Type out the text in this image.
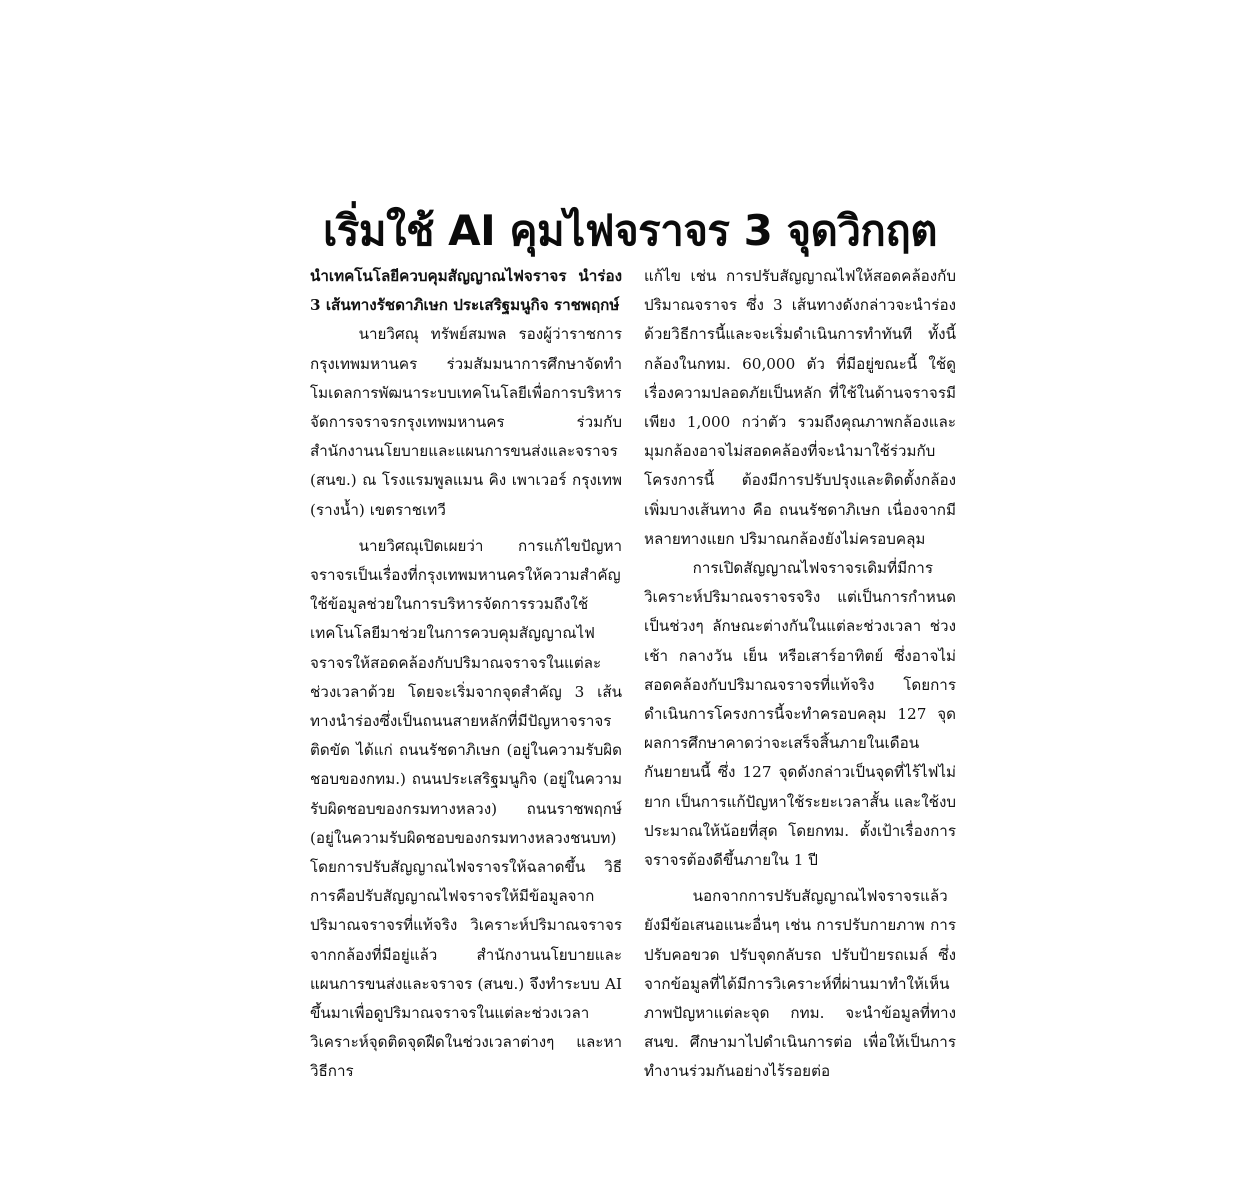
เริ่มใช้ AI คุมไฟจราจร 3 จุดวิกฤต

นำเทคโนโลยีควบคุมสัญญาณไฟจราจร นำร่อง 3 เส้นทางรัชดาภิเษก ประเสริฐมนูกิจ ราชพฤกษ์

นายวิศณุ ทรัพย์สมพล รองผู้ว่าราชการกรุงเทพมหานคร ร่วมสัมมนาการศึกษาจัดทำโมเดลการพัฒนาระบบเทคโนโลยีเพื่อการบริหารจัดการจราจรกรุงเทพมหานคร ร่วมกับ สำนักงานนโยบายและแผนการขนส่งและจราจร (สนข.) ณ โรงแรมพูลแมน คิง เพาเวอร์ กรุงเทพ (รางน้ำ) เขตราชเทวี

นายวิศณุเปิดเผยว่า การแก้ไขปัญหาจราจรเป็นเรื่องที่กรุงเทพมหานครให้ความสำคัญ ใช้ข้อมูลช่วยในการบริหารจัดการรวมถึงใช้เทคโนโลยีมาช่วยในการควบคุมสัญญาณไฟจราจรให้สอดคล้องกับปริมาณจราจรในแต่ละช่วงเวลาด้วย โดยจะเริ่มจากจุดสำคัญ 3 เส้นทางนำร่องซึ่งเป็นถนนสายหลักที่มีปัญหาจราจรติดขัด ได้แก่ ถนนรัชดาภิเษก (อยู่ในความรับผิดชอบของกทม.) ถนนประเสริฐมนูกิจ (อยู่ในความรับผิดชอบของกรมทางหลวง) ถนนราชพฤกษ์ (อยู่ในความรับผิดชอบของกรมทางหลวงชนบท) โดยการปรับสัญญาณไฟจราจรให้ฉลาดขึ้น วิธีการคือปรับสัญญาณไฟจราจรให้มีข้อมูลจากปริมาณจราจรที่แท้จริง วิเคราะห์ปริมาณจราจรจากกล้องที่มีอยู่แล้ว สำนักงานนโยบายและแผนการขนส่งและจราจร (สนข.) จึงทำระบบ AI ขึ้นมาเพื่อดูปริมาณจราจรในแต่ละช่วงเวลา วิเคราะห์จุดติดจุดฝืดในช่วงเวลาต่างๆ และหาวิธีการ

แก้ไข เช่น การปรับสัญญาณไฟให้สอดคล้องกับปริมาณจราจร ซึ่ง 3 เส้นทางดังกล่าวจะนำร่องด้วยวิธีการนี้และจะเริ่มดำเนินการทำทันที ทั้งนี้ กล้องในกทม. 60,000 ตัว ที่มีอยู่ขณะนี้ ใช้ดูเรื่องความปลอดภัยเป็นหลัก ที่ใช้ในด้านจราจรมีเพียง 1,000 กว่าตัว รวมถึงคุณภาพกล้องและมุมกล้องอาจไม่สอดคล้องที่จะนำมาใช้ร่วมกับโครงการนี้ ต้องมีการปรับปรุงและติดตั้งกล้องเพิ่มบางเส้นทาง คือ ถนนรัชดาภิเษก เนื่องจากมีหลายทางแยก ปริมาณกล้องยังไม่ครอบคลุม

การเปิดสัญญาณไฟจราจรเดิมที่มีการวิเคราะห์ปริมาณจราจรจริง แต่เป็นการกำหนดเป็นช่วงๆ ลักษณะต่างกันในแต่ละช่วงเวลา ช่วงเช้า กลางวัน เย็น หรือเสาร์อาทิตย์ ซึ่งอาจไม่สอดคล้องกับปริมาณจราจรที่แท้จริง โดยการดำเนินการโครงการนี้จะทำครอบคลุม 127 จุด ผลการศึกษาคาดว่าจะเสร็จสิ้นภายในเดือนกันยายนนี้ ซึ่ง 127 จุดดังกล่าวเป็นจุดที่ไร้ไฟไม่ยาก เป็นการแก้ปัญหาใช้ระยะเวลาสั้น และใช้งบประมาณให้น้อยที่สุด โดยกทม. ตั้งเป้าเรื่องการจราจรต้องดีขึ้นภายใน 1 ปี

นอกจากการปรับสัญญาณไฟจราจรแล้วยังมีข้อเสนอแนะอื่นๆ เช่น การปรับกายภาพ การปรับคอขวด ปรับจุดกลับรถ ปรับป้ายรถเมล์ ซึ่งจากข้อมูลที่ได้มีการวิเคราะห์ที่ผ่านมาทำให้เห็นภาพปัญหาแต่ละจุด กทม. จะนำข้อมูลที่ทาง สนข. ศึกษามาไปดำเนินการต่อ เพื่อให้เป็นการทำงานร่วมกันอย่างไร้รอยต่อ
